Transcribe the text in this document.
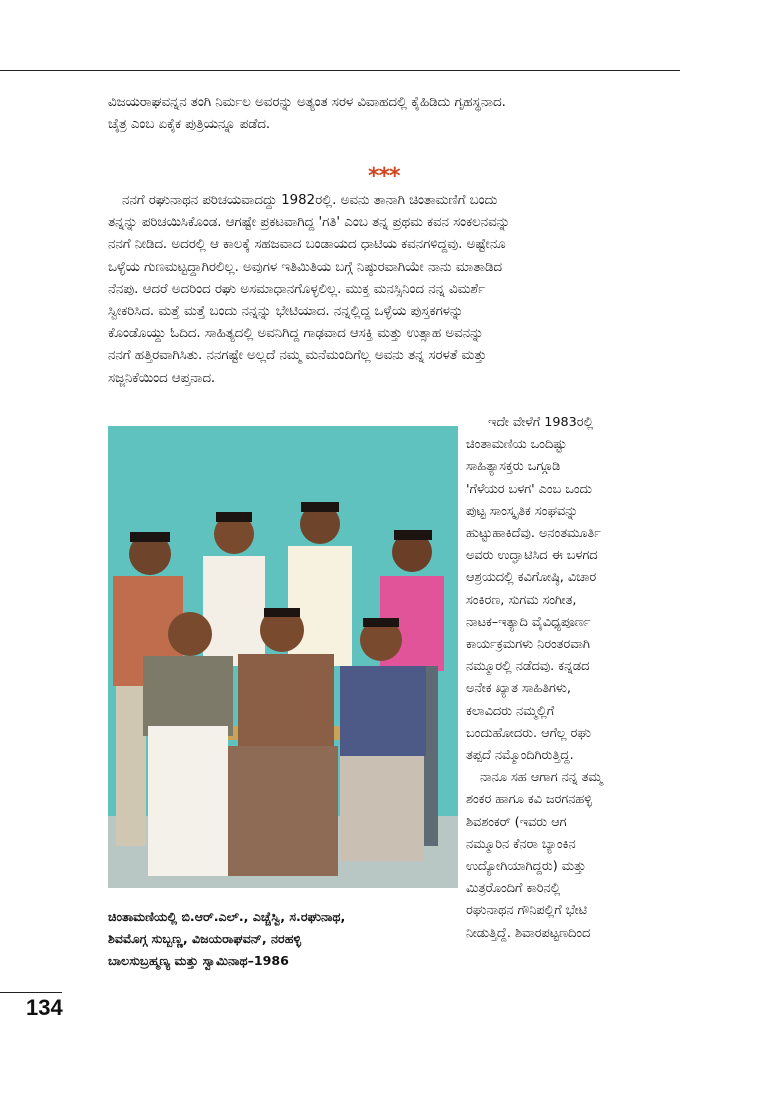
ವಿಜಯರಾಘವನ್ನನ ತಂಗಿ ನಿರ್ಮಲ ಅವರನ್ನು ಅತ್ಯಂತ ಸರಳ ವಿವಾಹದಲ್ಲಿ ಕೈಹಿಡಿದು ಗೃಹಸ್ಥನಾದ.
ಚೈತ್ರ ಎಂಬ ಏಕೈಕ ಪುತ್ರಿಯನ್ನೂ ಪಡೆದ.

***

ನನಗೆ ರಘುನಾಥನ ಪರಿಚಯವಾದದ್ದು 1982ರಲ್ಲಿ. ಅವನು ತಾನಾಗಿ ಚಿಂತಾಮಣಿಗೆ ಬಂದು
ತನ್ನನ್ನು ಪರಿಚಯಿಸಿಕೊಂಡ. ಆಗಷ್ಟೇ ಪ್ರಕಟವಾಗಿದ್ದ 'ಗತಿ' ಎಂಬ ತನ್ನ ಪ್ರಥಮ ಕವನ ಸಂಕಲನವನ್ನು
ನನಗೆ ನೀಡಿದ. ಅದರಲ್ಲಿ ಆ ಕಾಲಕ್ಕೆ ಸಹಜವಾದ ಬಂಡಾಯದ ಧಾಟಿಯ ಕವನಗಳಿದ್ದವು. ಅಷ್ಟೇನೂ
ಒಳ್ಳೆಯ ಗುಣಮಟ್ಟದ್ದಾಗಿರಲಿಲ್ಲ. ಅವುಗಳ ಇತಿಮಿತಿಯ ಬಗ್ಗೆ ನಿಷ್ಠುರವಾಗಿಯೇ ನಾನು ಮಾತಾಡಿದ
ನೆನಪು. ಆದರೆ ಅದರಿಂದ ರಘು ಅಸಮಾಧಾನಗೊಳ್ಳಲಿಲ್ಲ. ಮುಕ್ತ ಮನಸ್ಸಿನಿಂದ ನನ್ನ ವಿಮರ್ಶೆ
ಸ್ವೀಕರಿಸಿದ. ಮತ್ತೆ ಮತ್ತೆ ಬಂದು ನನ್ನನ್ನು ಭೇಟಿಯಾದ. ನನ್ನಲ್ಲಿದ್ದ ಒಳ್ಳೆಯ ಪುಸ್ತಕಗಳನ್ನು
ಕೊಂಡೊಯ್ದು ಓದಿದ. ಸಾಹಿತ್ಯದಲ್ಲಿ ಅವನಿಗಿದ್ದ ಗಾಢವಾದ ಆಸಕ್ತಿ ಮತ್ತು ಉತ್ಸಾಹ ಅವನನ್ನು
ನನಗೆ ಹತ್ತಿರವಾಗಿಸಿತು. ನನಗಷ್ಟೇ ಅಲ್ಲದೆ ನಮ್ಮ ಮನೆಮಂದಿಗೆಲ್ಲ ಅವನು ತನ್ನ ಸರಳತೆ ಮತ್ತು
ಸಜ್ಜನಿಕೆಯಿಂದ ಆಪ್ತನಾದ.

ಇದೇ ವೇಳೆಗೆ 1983ರಲ್ಲಿ
ಚಿಂತಾಮಣಿಯ ಒಂದಿಷ್ಟು
ಸಾಹಿತ್ಯಾಸಕ್ತರು ಒಗ್ಗೂಡಿ
'ಗೆಳೆಯರ ಬಳಗ' ಎಂಬ ಒಂದು
ಪುಟ್ಟ ಸಾಂಸ್ಕೃತಿಕ ಸಂಘವನ್ನು
ಹುಟ್ಟುಹಾಕಿದೆವು. ಅನಂತಮೂರ್ತಿ
ಅವರು ಉದ್ಘಾಟಿಸಿದ ಈ ಬಳಗದ
ಆಶ್ರಯದಲ್ಲಿ ಕವಿಗೋಷ್ಠಿ, ವಿಚಾರ
ಸಂಕಿರಣ, ಸುಗಮ ಸಂಗೀತ,
ನಾಟಕ–ಇತ್ಯಾದಿ ವೈವಿಧ್ಯಪೂರ್ಣ
ಕಾರ್ಯಕ್ರಮಗಳು ನಿರಂತರವಾಗಿ
ನಮ್ಮೂರಲ್ಲಿ ನಡೆದವು. ಕನ್ನಡದ
ಅನೇಕ ಖ್ಯಾತ ಸಾಹಿತಿಗಳು,
ಕಲಾವಿದರು ನಮ್ಮಲ್ಲಿಗೆ
ಬಂದುಹೋದರು. ಆಗೆಲ್ಲ ರಘು
ತಪ್ಪದೆ ನಮ್ಮೊಂದಿಗಿರುತ್ತಿದ್ದ.
ನಾನೂ ಸಹ ಆಗಾಗ ನನ್ನ ತಮ್ಮ
ಶಂಕರ ಹಾಗೂ ಕವಿ ಜರಗನಹಳ್ಳಿ
ಶಿವಶಂಕರ್ (ಇವರು ಆಗ
ನಮ್ಮೂರಿನ ಕೆನರಾ ಬ್ಯಾಂಕಿನ
ಉದ್ಯೋಗಿಯಾಗಿದ್ದರು) ಮತ್ತು
ಮಿತ್ರರೊಂದಿಗೆ ಕಾರಿನಲ್ಲಿ
ರಘುನಾಥನ ಗೌನಿಪಲ್ಲಿಗೆ ಭೇಟಿ
ನೀಡುತ್ತಿದ್ದೆ. ಶಿವಾರಪಟ್ಟಣದಿಂದ

ಚಿಂತಾಮಣಿಯಲ್ಲಿ ಬಿ.ಆರ್.ಎಲ್., ಎಚ್ಚೆಸ್ವಿ, ಸ.ರಘುನಾಥ,
ಶಿವಮೊಗ್ಗ ಸುಬ್ಬಣ್ಣ, ವಿಜಯರಾಘವನ್, ನರಹಳ್ಳಿ
ಬಾಲಸುಬ್ರಹ್ಮಣ್ಯ ಮತ್ತು ಸ್ವಾಮಿನಾಥ–1986

134
